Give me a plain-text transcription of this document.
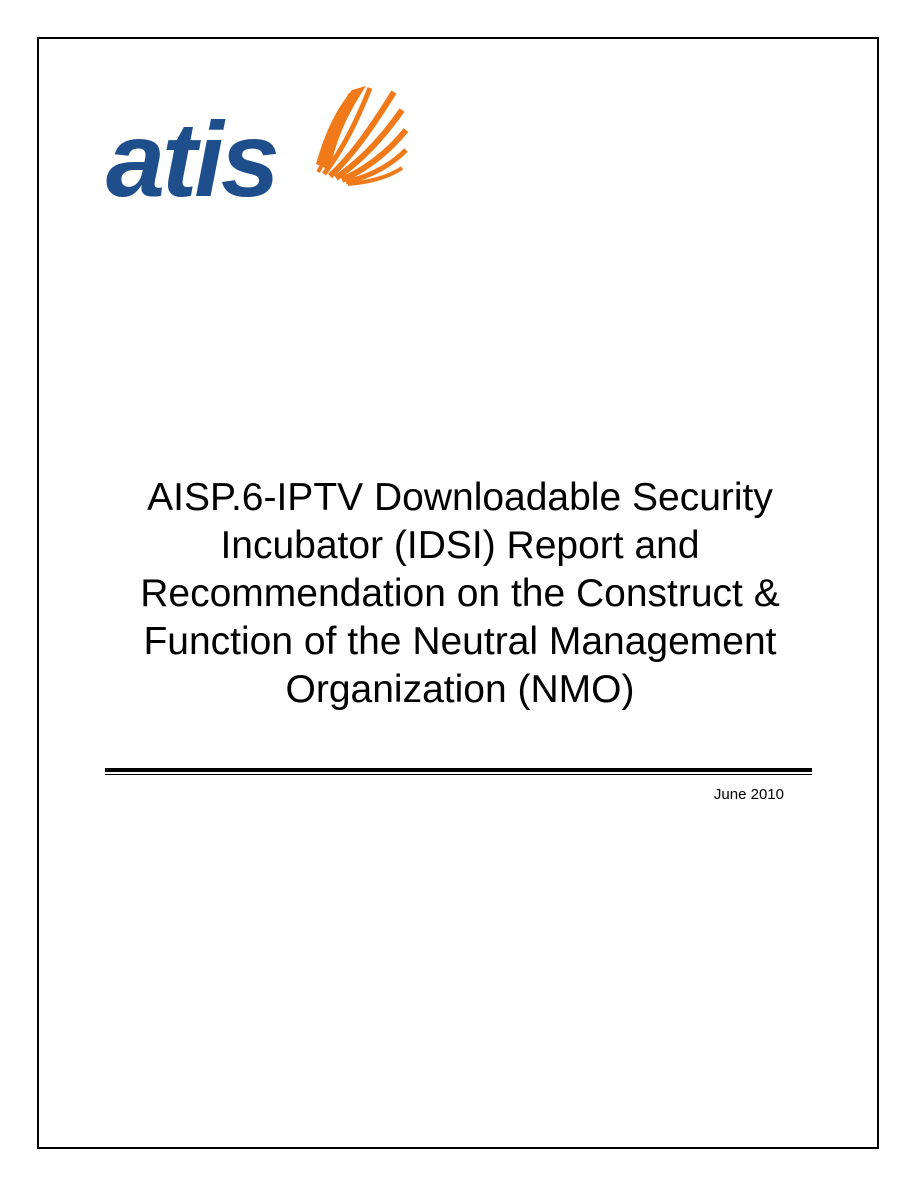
atis
AISP.6-IPTV Downloadable Security
Incubator (IDSI) Report and
Recommendation on the Construct &
Function of the Neutral Management
Organization (NMO)
June 2010
